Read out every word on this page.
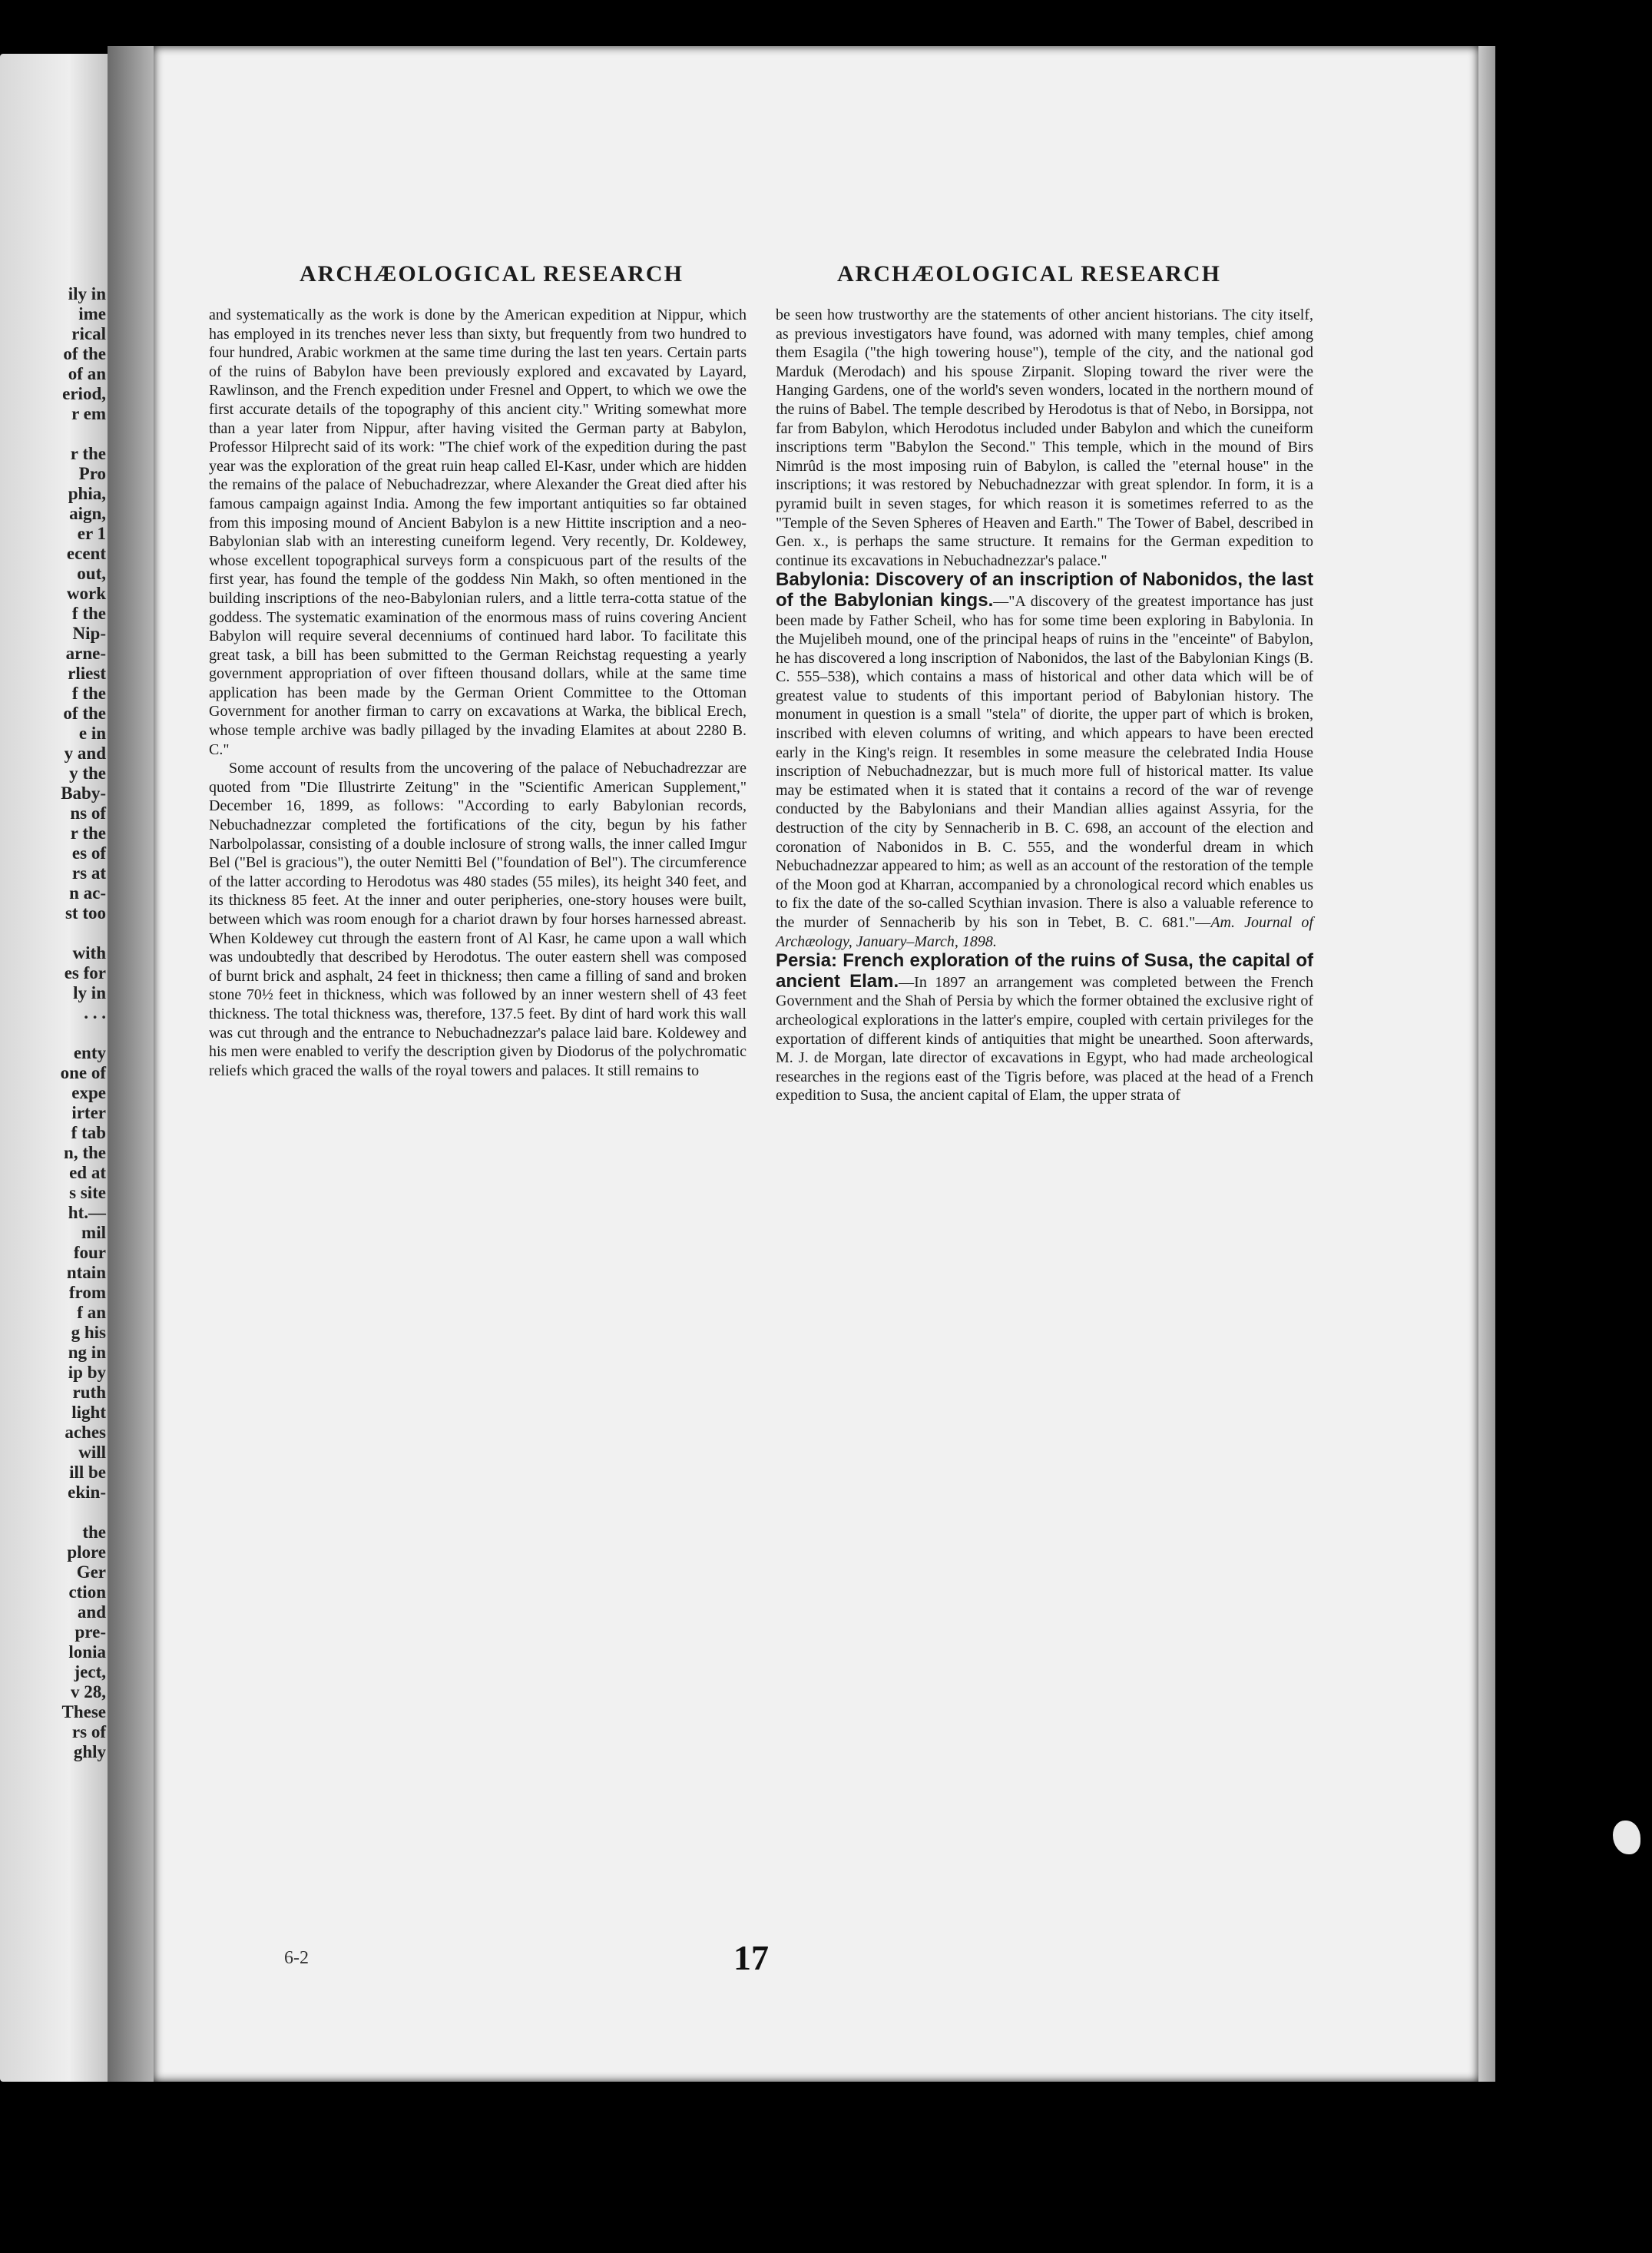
ily in
ime
rical
of the
of an
eriod,
r em

r the
Pro
phia,
aign,
er 1
ecent
out,
work
f the
Nip-
arne-
rliest
f the
of the
e in
y and
y the
Baby-
ns of
r the
es of
rs at
n ac-
st too

with
es for
ly in
. . .

enty
one of
expe
irter
f tab
n, the
ed at
s site
ht.—
mil
four
ntain
from
f an
g his
ng in
ip by
ruth
light
aches
will
ill be
ekin-

the
plore
Ger
ction
and
pre-
lonia
ject,
v 28,
These
rs of
ghly
ARCHÆOLOGICAL RESEARCH	ARCHÆOLOGICAL RESEARCH

and systematically as the work is done by the American expedition at Nippur, which has employed in its trenches never less than sixty, but frequently from two hundred to four hundred, Arabic workmen at the same time during the last ten years. Certain parts of the ruins of Babylon have been previously explored and excavated by Layard, Rawlinson, and the French expedition under Fresnel and Oppert, to which we owe the first accurate details of the topography of this ancient city." Writing somewhat more than a year later from Nippur, after having visited the German party at Babylon, Professor Hilprecht said of its work: "The chief work of the expedition during the past year was the exploration of the great ruin heap called El-Kasr, under which are hidden the remains of the palace of Nebuchadrezzar, where Alexander the Great died after his famous campaign against India. Among the few important antiquities so far obtained from this imposing mound of Ancient Babylon is a new Hittite inscription and a neo-Babylonian slab with an interesting cuneiform legend. Very recently, Dr. Koldewey, whose excellent topographical surveys form a conspicuous part of the results of the first year, has found the temple of the goddess Nin Makh, so often mentioned in the building inscriptions of the neo-Babylonian rulers, and a little terra-cotta statue of the goddess. The systematic examination of the enormous mass of ruins covering Ancient Babylon will require several decenniums of continued hard labor. To facilitate this great task, a bill has been submitted to the German Reichstag requesting a yearly government appropriation of over fifteen thousand dollars, while at the same time application has been made by the German Orient Committee to the Ottoman Government for another firman to carry on excavations at Warka, the biblical Erech, whose temple archive was badly pillaged by the invading Elamites at about 2280 B. C."

Some account of results from the uncovering of the palace of Nebuchadrezzar are quoted from "Die Illustrirte Zeitung" in the "Scientific American Supplement," December 16, 1899, as follows: "According to early Babylonian records, Nebuchadnezzar completed the fortifications of the city, begun by his father Narbolpolassar, consisting of a double inclosure of strong walls, the inner called Imgur Bel ("Bel is gracious"), the outer Nemitti Bel ("foundation of Bel"). The circumference of the latter according to Herodotus was 480 stades (55 miles), its height 340 feet, and its thickness 85 feet. At the inner and outer peripheries, one-story houses were built, between which was room enough for a chariot drawn by four horses harnessed abreast. When Koldewey cut through the eastern front of Al Kasr, he came upon a wall which was undoubtedly that described by Herodotus. The outer eastern shell was composed of burnt brick and asphalt, 24 feet in thickness; then came a filling of sand and broken stone 70½ feet in thickness, which was followed by an inner western shell of 43 feet thickness. The total thickness was, therefore, 137.5 feet. By dint of hard work this wall was cut through and the entrance to Nebuchadnezzar's palace laid bare. Koldewey and his men were enabled to verify the description given by Diodorus of the polychromatic reliefs which graced the walls of the royal towers and palaces. It still remains to

be seen how trustworthy are the statements of other ancient historians. The city itself, as previous investigators have found, was adorned with many temples, chief among them Esagila ("the high towering house"), temple of the city, and the national god Marduk (Merodach) and his spouse Zirpanit. Sloping toward the river were the Hanging Gardens, one of the world's seven wonders, located in the northern mound of the ruins of Babel. The temple described by Herodotus is that of Nebo, in Borsippa, not far from Babylon, which Herodotus included under Babylon and which the cuneiform inscriptions term "Babylon the Second." This temple, which in the mound of Birs Nimrûd is the most imposing ruin of Babylon, is called the "eternal house" in the inscriptions; it was restored by Nebuchadnezzar with great splendor. In form, it is a pyramid built in seven stages, for which reason it is sometimes referred to as the "Temple of the Seven Spheres of Heaven and Earth." The Tower of Babel, described in Gen. x., is perhaps the same structure. It remains for the German expedition to continue its excavations in Nebuchadnezzar's palace."

Babylonia: Discovery of an inscription of Nabonidos, the last of the Babylonian kings.—"A discovery of the greatest importance has just been made by Father Scheil, who has for some time been exploring in Babylonia. In the Mujelibeh mound, one of the principal heaps of ruins in the "enceinte" of Babylon, he has discovered a long inscription of Nabonidos, the last of the Babylonian Kings (B. C. 555–538), which contains a mass of historical and other data which will be of greatest value to students of this important period of Babylonian history. The monument in question is a small "stela" of diorite, the upper part of which is broken, inscribed with eleven columns of writing, and which appears to have been erected early in the King's reign. It resembles in some measure the celebrated India House inscription of Nebuchadnezzar, but is much more full of historical matter. Its value may be estimated when it is stated that it contains a record of the war of revenge conducted by the Babylonians and their Mandian allies against Assyria, for the destruction of the city by Sennacherib in B. C. 698, an account of the election and coronation of Nabonidos in B. C. 555, and the wonderful dream in which Nebuchadnezzar appeared to him; as well as an account of the restoration of the temple of the Moon god at Kharran, accompanied by a chronological record which enables us to fix the date of the so-called Scythian invasion. There is also a valuable reference to the murder of Sennacherib by his son in Tebet, B. C. 681."—Am. Journal of Archæology, January–March, 1898.

Persia: French exploration of the ruins of Susa, the capital of ancient Elam.—In 1897 an arrangement was completed between the French Government and the Shah of Persia by which the former obtained the exclusive right of archeological explorations in the latter's empire, coupled with certain privileges for the exportation of different kinds of antiquities that might be unearthed. Soon afterwards, M. J. de Morgan, late director of excavations in Egypt, who had made archeological researches in the regions east of the Tigris before, was placed at the head of a French expedition to Susa, the ancient capital of Elam, the upper strata of

6-2	17
